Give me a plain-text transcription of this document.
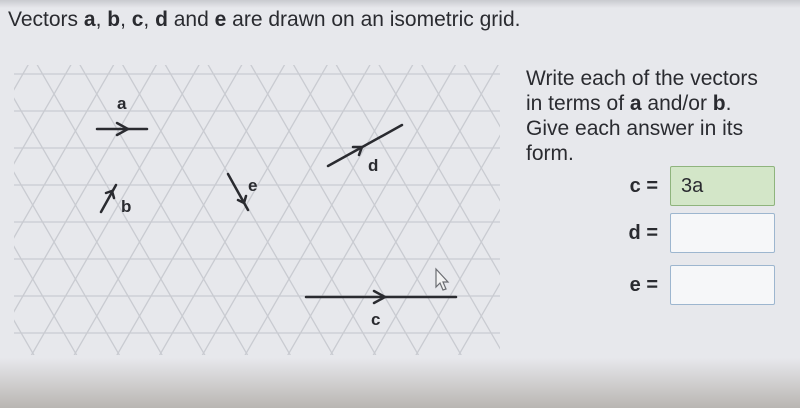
Vectors a, b, c, d and e are drawn on an isometric grid.
a
b
e
d
c
Write each of the vectors
in terms of a and/or b.
Give each answer in its
form.
c =
3a
d =
e =
